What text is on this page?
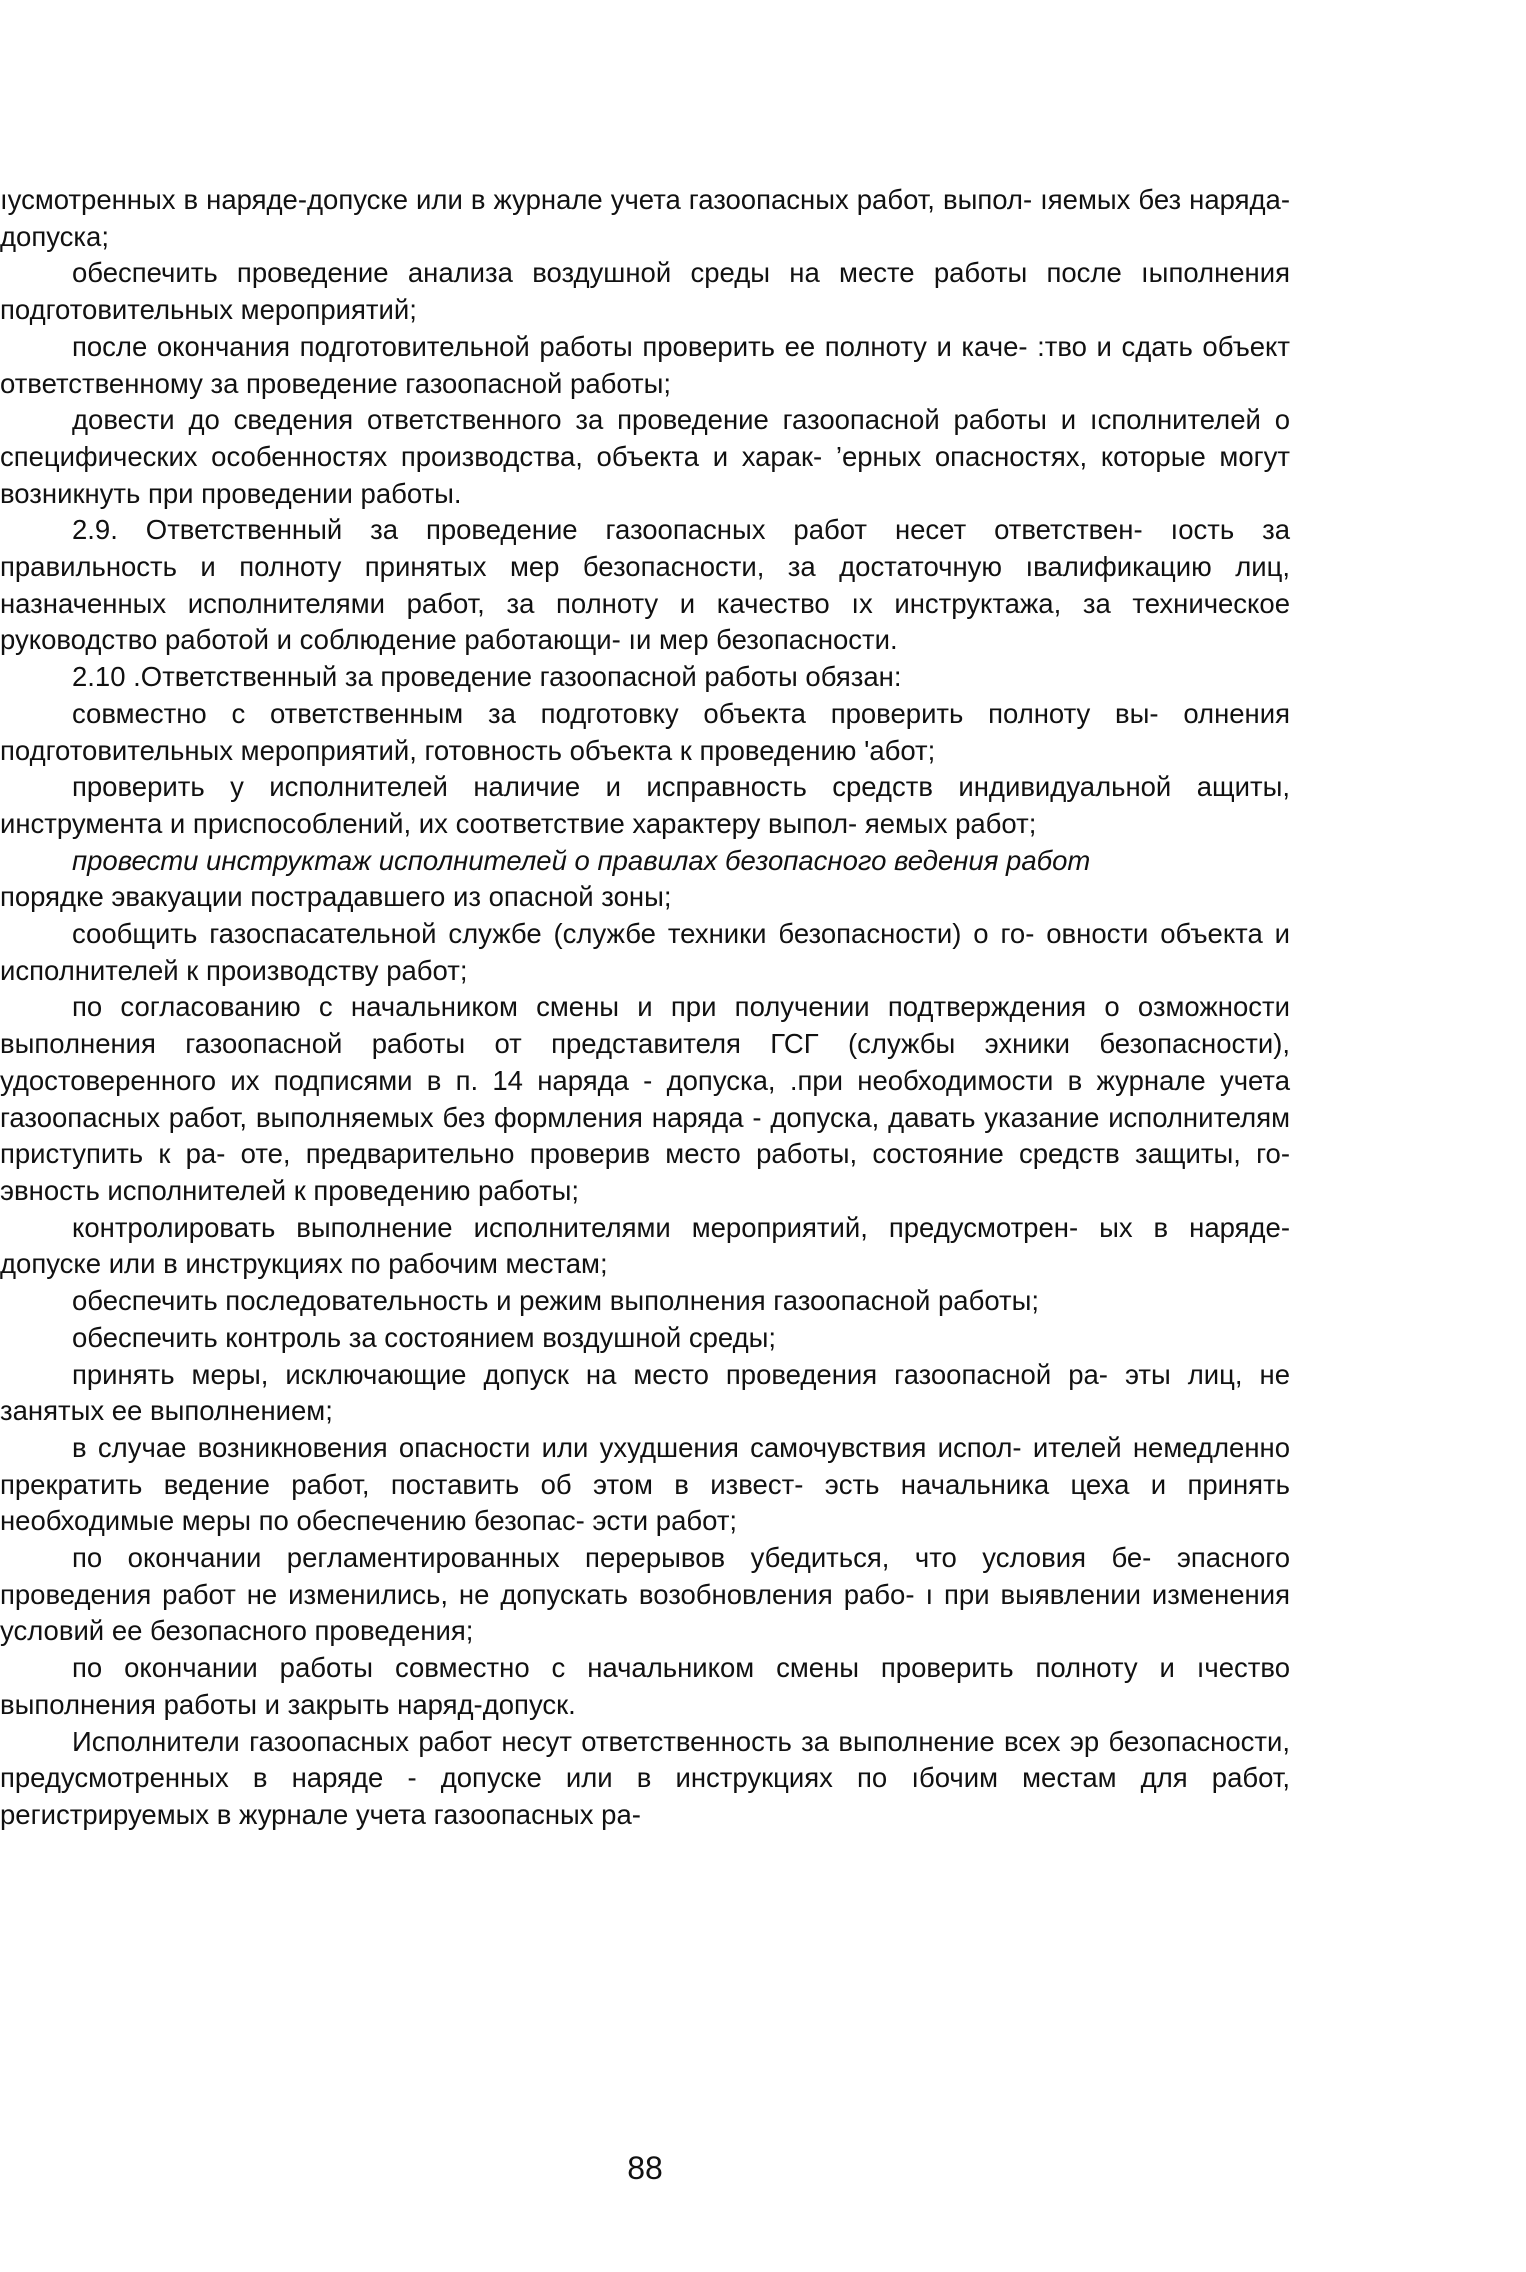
ıусмотренных в наряде-допуске или в журнале учета газоопасных работ, выпол- ıяемых без наряда-допуска;

обеспечить проведение анализа воздушной среды на месте работы после ıыполнения подготовительных мероприятий;

после окончания подготовительной работы проверить ее полноту и каче- :тво и сдать объект ответственному за проведение газоопасной работы;

довести до сведения ответственного за проведение газоопасной работы и ıсполнителей о специфических особенностях производства, объекта и харак- ’ерных опасностях, которые могут возникнуть при проведении работы.

2.9. Ответственный за проведение газоопасных работ несет ответствен- ıость за правильность и полноту принятых мер безопасности, за достаточную ıвалификацию лиц, назначенных исполнителями работ, за полноту и качество ıх инструктажа, за техническое руководство работой и соблюдение работающи- ıи мер безопасности.

2.10 .Ответственный за проведение газоопасной работы обязан:

совместно с ответственным за подготовку объекта проверить полноту вы- олнения подготовительных мероприятий, готовность объекта к проведению 'абот;

проверить у исполнителей наличие и исправность средств индивидуальной ащиты, инструмента и приспособлений, их соответствие характеру выпол- яемых работ;

провести инструктаж исполнителей о правилах безопасного ведения работ

порядке эвакуации пострадавшего из опасной зоны;

сообщить газоспасательной службе (службе техники безопасности) о го- овности объекта и исполнителей к производству работ;

по согласованию с начальником смены и при получении подтверждения о озможности выполнения газоопасной работы от представителя ГСГ (службы эхники безопасности), удостоверенного их подписями в п. 14 наряда - допуска, .при необходимости в журнале учета газоопасных работ, выполняемых без формления наряда - допуска, давать указание исполнителям приступить к ра- оте, предварительно проверив место работы, состояние средств защиты, го- эвность исполнителей к проведению работы;

контролировать выполнение исполнителями мероприятий, предусмотрен- ых в наряде-допуске или в инструкциях по рабочим местам;

обеспечить последовательность и режим выполнения газоопасной работы;

обеспечить контроль за состоянием воздушной среды;

принять меры, исключающие допуск на место проведения газоопасной ра- эты лиц, не занятых ее выполнением;

в случае возникновения опасности или ухудшения самочувствия испол- ителей немедленно прекратить ведение работ, поставить об этом в извест- эсть начальника цеха и принять необходимые меры по обеспечению безопас- эсти работ;

по окончании регламентированных перерывов убедиться, что условия бе- эпасного проведения работ не изменились, не допускать возобновления рабо- ı при выявлении изменения условий ее безопасного проведения;

по окончании работы совместно с начальником смены проверить полноту и ıчество выполнения работы и закрыть наряд-допуск.

Исполнители газоопасных работ несут ответственность за выполнение всех эр безопасности, предусмотренных в наряде - допуске или в инструкциях по ıбочим местам для работ, регистрируемых в журнале учета газоопасных ра-

88
